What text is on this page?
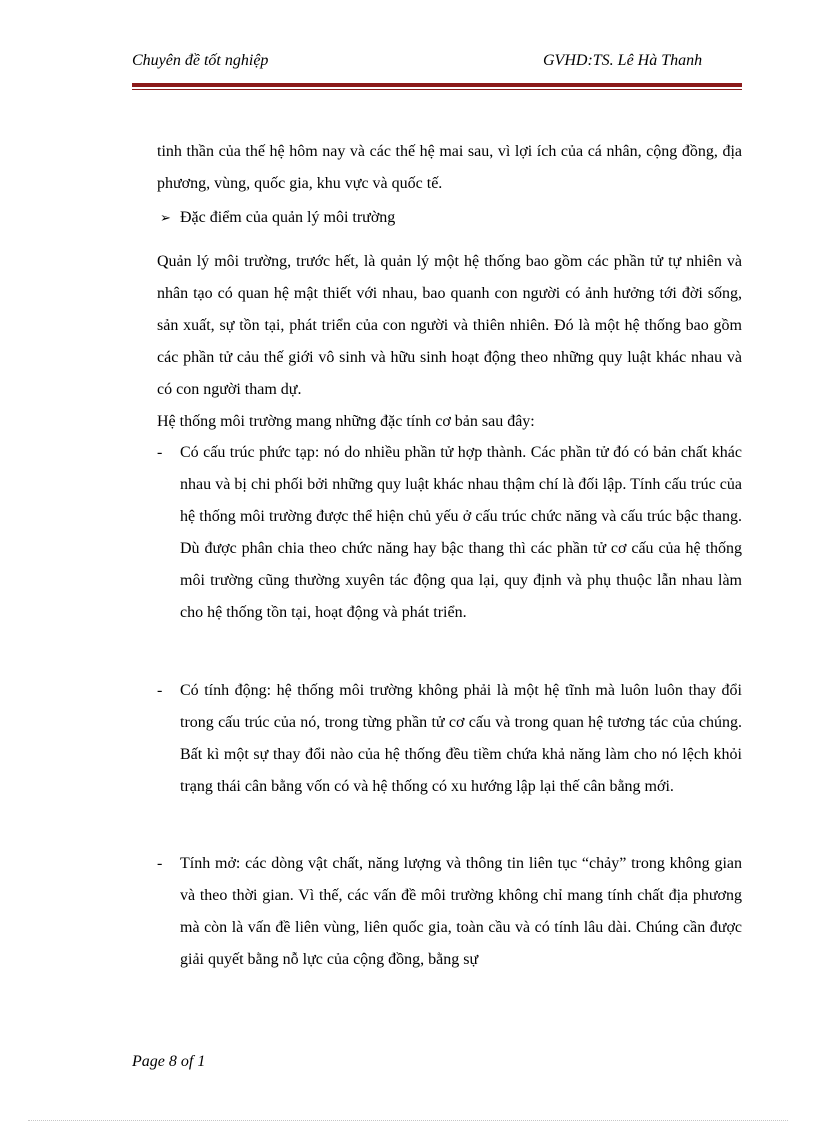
Chuyên đề tốt nghiệp	GVHD:TS. Lê Hà Thanh
tinh thần của thế hệ hôm nay và các thế hệ mai sau, vì lợi ích của cá nhân, cộng đồng, địa phương, vùng, quốc gia, khu vực và quốc tế.
➢ Đặc điểm của quản lý môi trường
Quản lý môi trường, trước hết, là quản lý một hệ thống bao gồm các phần tử tự nhiên và nhân tạo có quan hệ mật thiết với nhau, bao quanh con người có ảnh hưởng tới đời sống, sản xuất, sự tồn tại, phát triển của con người và thiên nhiên. Đó là một hệ thống bao gồm các phần tử cảu thế giới vô sinh và hữu sinh hoạt động theo những quy luật khác nhau và có con người tham dự.
Hệ thống môi trường mang những đặc tính cơ bản sau đây:
- Có cấu trúc phức tạp: nó do nhiều phần tử hợp thành. Các phần tử đó có bản chất khác nhau và bị chi phối bởi những quy luật khác nhau thậm chí là đối lập. Tính cấu trúc của hệ thống môi trường được thể hiện chủ yếu ở cấu trúc chức năng và cấu trúc bậc thang. Dù được phân chia theo chức năng hay bậc thang thì các phần tử cơ cấu của hệ thống môi trường cũng thường xuyên tác động qua lại, quy định và phụ thuộc lẫn nhau làm cho hệ thống tồn tại, hoạt động và phát triển.
- Có tính động: hệ thống môi trường không phải là một hệ tĩnh mà luôn luôn thay đổi trong cấu trúc của nó, trong từng phần tử cơ cấu và trong quan hệ tương tác của chúng. Bất kì một sự thay đổi nào của hệ thống đều tiềm chứa khả năng làm cho nó lệch khỏi trạng thái cân bằng vốn có và hệ thống có xu hướng lập lại thế cân bằng mới.
- Tính mở: các dòng vật chất, năng lượng và thông tin liên tục “chảy” trong không gian và theo thời gian. Vì thế, các vấn đề môi trường không chỉ mang tính chất địa phương mà còn là vấn đề liên vùng, liên quốc gia, toàn cầu và có tính lâu dài. Chúng cần được giải quyết bằng nỗ lực của cộng đồng, bằng sự
Page 8 of 1
